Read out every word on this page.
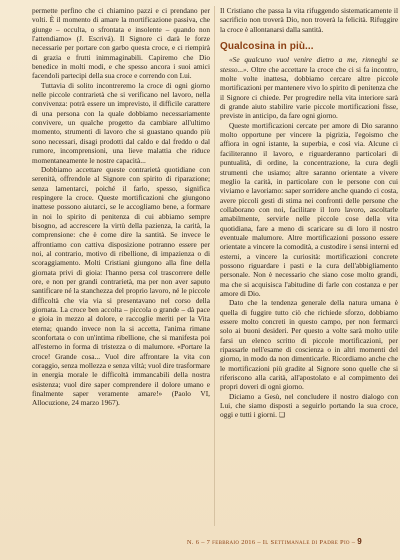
permette perfino che ci chiamino pazzi e ci prendano per volti. È il momento di amare la mortificazione passiva, che giunge – occulta, o sfrontata e insolente – quando non l'attendiamo» (J. Escrivá). Il Signore ci darà le forze necessarie per portare con garbo questa croce, e ci riempirà di grazia e frutti inimmaginabili. Capiremo che Dio benedice in molti modi, e che spesso ancora i suoi amici facendoli partecipi della sua croce e correndo con Lui.

Tuttavia di solito incontreremo la croce di ogni giorno nelle piccole contrarietà che si verificano nel lavoro, nella convivenza: potrà essere un imprevisto, il difficile carattere di una persona con la quale dobbiamo necessariamente convivere, un qualche progetto da cambiare all'ultimo momento, strumenti di lavoro che si guastano quando più sono necessari, disagi prodotti dal caldo e dal freddo o dal rumore, incomprensioni, una lieve malattia che riduce momentaneamente le nostre capacità...

Dobbiamo accettare queste contrarietà quotidiane con serenità, offrendole al Signore con spirito di riparazione; senza lamentarci, poiché il farlo, spesso, significa respingere la croce. Queste mortificazioni che giungono inattese possono aiutarci, se le accogliamo bene, a formare in noi lo spirito di penitenza di cui abbiamo sempre bisogno, ad accrescere la virtù della pazienza, la carità, la comprensione: che è come dire la santità. Se invece le affrontiamo con cattiva disposizione potranno essere per noi, al contrario, motivo di ribellione, di impazienza o di scoraggiamento. Molti Cristiani giungono alla fine della giornata privi di gioia: l'hanno persa col trascorrere delle ore, e non per grandi contrarietà, ma per non aver saputo santificare né la stanchezza del proprio lavoro, né le piccole difficoltà che via via si presentavano nel corso della giornata. La croce ben accolta – piccola o grande – dà pace e gioia in mezzo al dolore, e raccoglie meriti per la Vita eterna; quando invece non la si accetta, l'anima rimane sconfortata o con un'intima ribellione, che si manifesta poi all'esterno in forma di tristezza o di malumore. «Portare la croce! Grande cosa... Vuol dire affrontare la vita con coraggio, senza mollezza e senza viltà; vuol dire trasformare in energia morale le difficoltà immancabili della nostra esistenza; vuol dire saper comprendere il dolore umano e finalmente saper veramente amare!» (Paolo VI, Allocuzione, 24 marzo 1967).

Il Cristiano che passa la vita rifuggendo sistematicamente il sacrificio non troverà Dio, non troverà la felicità. Rifuggire la croce è allontanarsi dalla santità.

Qualcosina in più...

«Se qualcuno vuol venire dietro a me, rinneghi se stesso...». Oltre che accettare la croce che ci si fa incontro, molte volte inattesa, dobbiamo cercare altre piccole mortificazioni per mantenere vivo lo spirito di penitenza che il Signore ci chiede. Per progredire nella vita interiore sarà di grande aiuto stabilire varie piccole mortificazioni fisse, previste in anticipo, da fare ogni giorno.

Queste mortificazioni cercate per amore di Dio saranno molto opportune per vincere la pigrizia, l'egoismo che affiora in ogni istante, la superbia, e così via. Alcune ci faciliteranno il lavoro, e riguarderanno particolari di puntualità, di ordine, la concentrazione, la cura degli strumenti che usiamo; altre saranno orientate a vivere meglio la carità, in particolare con le persone con cui viviamo e lavoriamo: saper sorridere anche quando ci costa, avere piccoli gesti di stima nei confronti delle persone che collaborano con noi, facilitare il loro lavoro, ascoltarle amabilmente, servirle nelle piccole cose della vita quotidiana, fare a meno di scaricare su di loro il nostro eventuale malumore. Altre mortificazioni possono essere orientate a vincere la comodità, a custodire i sensi interni ed esterni, a vincere la curiosità: mortificazioni concrete possono riguardare i pasti e la cura dell'abbigliamento personale. Non è necessario che siano cose molto grandi, ma che si acquisisca l'abitudine di farle con costanza e per amore di Dio.

Dato che la tendenza generale della natura umana è quella di fuggire tutto ciò che richiede sforzo, dobbiamo essere molto concreti in questo campo, per non fermarci solo ai buoni desideri. Per questo a volte sarà molto utile farsi un elenco scritto di piccole mortificazioni, per ripassarle nell'esame di coscienza o in altri momenti del giorno, in modo da non dimenticarle. Ricordiamo anche che le mortificazioni più gradite al Signore sono quelle che si riferiscono alla carità, all'apostolato e al compimento dei propri doveri di ogni giorno.

Diciamo a Gesù, nel concludere il nostro dialogo con Lui, che siamo disposti a seguirlo portando la sua croce, oggi e tutti i giorni. ❏

N. 6 – 7 febbraio 2016 – Il Settimanale di Padre Pio – 9
